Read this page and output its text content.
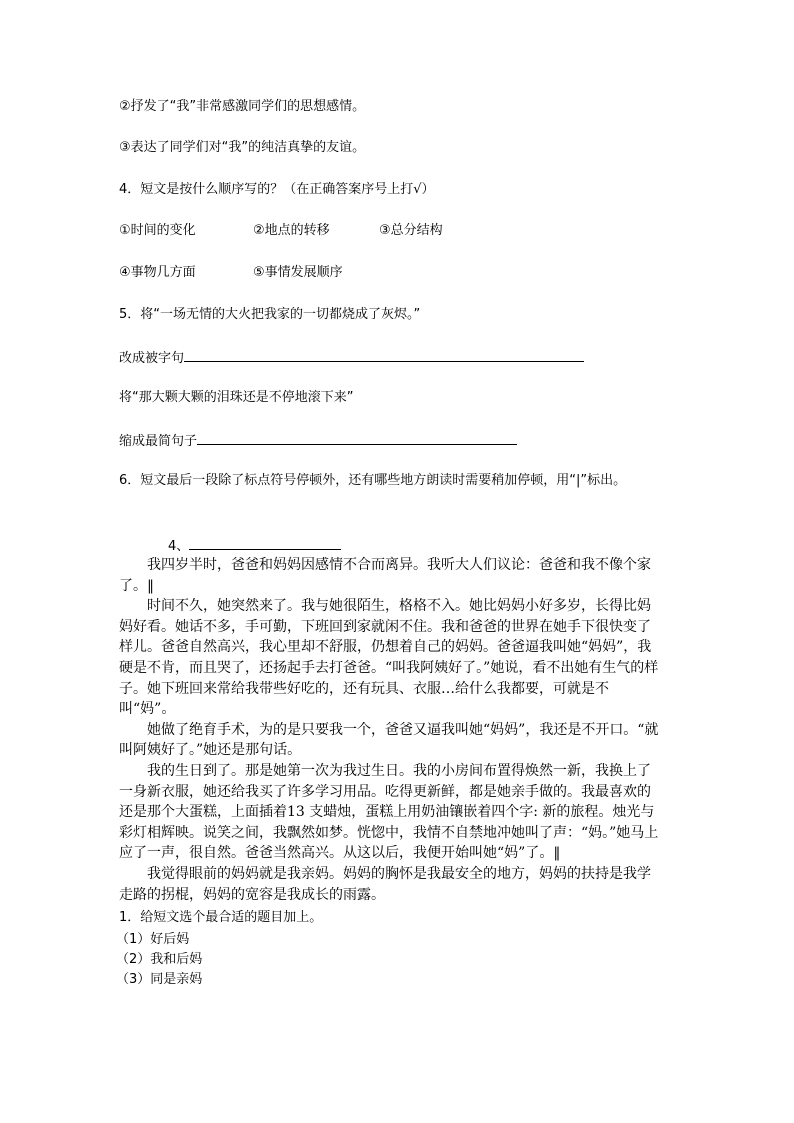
②抒发了“我”非常感激同学们的思想感情。
③表达了同学们对“我”的纯洁真挚的友谊。
4．短文是按什么顺序写的？（在正确答案序号上打√）
①时间的变化	②地点的转移	③总分结构
④事物几方面	⑤事情发展顺序
5．将“一场无情的大火把我家的一切都烧成了灰烬。”
改成被字句
将“那大颗大颗的泪珠还是不停地滚下来”
缩成最简句子
6．短文最后一段除了标点符号停顿外，还有哪些地方朗读时需要稍加停顿，用“|”标出。
4、

我四岁半时，爸爸和妈妈因感情不合而离异。我听大人们议论：爸爸和我不像个家了。‖

时间不久，她突然来了。我与她很陌生，格格不入。她比妈妈小好多岁，长得比妈妈好看。她话不多，手可勤，下班回到家就闲不住。我和爸爸的世界在她手下很快变了样儿。爸爸自然高兴，我心里却不舒服，仍想着自己的妈妈。爸爸逼我叫她“妈妈”，我硬是不肯，而且哭了，还扬起手去打爸爸。“叫我阿姨好了。”她说，看不出她有生气的样子。她下班回来常给我带些好吃的，还有玩具、衣服…给什么我都要，可就是不叫“妈”。

她做了绝育手术，为的是只要我一个，爸爸又逼我叫她“妈妈”，我还是不开口。“就叫阿姨好了。”她还是那句话。

我的生日到了。那是她第一次为我过生日。我的小房间布置得焕然一新，我换上了一身新衣服，她还给我买了许多学习用品。吃得更新鲜，都是她亲手做的。我最喜欢的还是那个大蛋糕，上面插着13 支蜡烛，蛋糕上用奶油镶嵌着四个字: 新的旅程。烛光与彩灯相辉映。说笑之间，我飘然如梦。恍惚中，我情不自禁地冲她叫了声：“妈。”她马上应了一声，很自然。爸爸当然高兴。从这以后，我便开始叫她“妈”了。‖

我觉得眼前的妈妈就是我亲妈。妈妈的胸怀是我最安全的地方，妈妈的扶持是我学走路的拐棍，妈妈的宽容是我成长的雨露。

1．给短文选个最合适的题目加上。
（1）好后妈
（2）我和后妈
（3）同是亲妈
